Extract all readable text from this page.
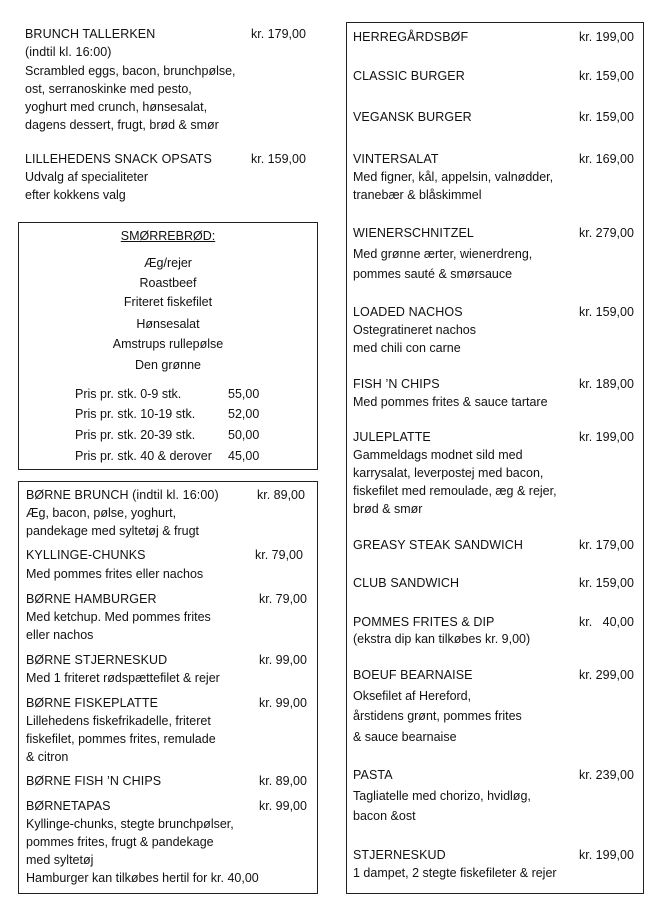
BRUNCH TALLERKEN	kr. 179,00
(indtil kl. 16:00)
Scrambled eggs, bacon, brunchpølse,
ost, serranoskinke med pesto,
yoghurt med crunch, hønsesalat,
dagens dessert, frugt, brød & smør
LILLEHEDENS SNACK OPSATS	kr. 159,00
Udvalg af specialiteter
efter kokkens valg
SMØRREBRØD:
Æg/rejer
Roastbeef
Friteret fiskefilet
Hønsesalat
Amstrups rullepølse
Den grønne
Pris pr. stk. 0-9 stk.	55,00
Pris pr. stk. 10-19 stk.	52,00
Pris pr. stk. 20-39 stk.	50,00
Pris pr. stk. 40 & derover 45,00
BØRNE BRUNCH (indtil kl. 16:00)	kr. 89,00
Æg, bacon, pølse, yoghurt,
pandekage med syltetøj & frugt
KYLLINGE-CHUNKS	kr. 79,00
Med pommes frites eller nachos
BØRNE HAMBURGER	kr. 79,00
Med ketchup. Med pommes frites
eller nachos
BØRNE STJERNESKUD	kr. 99,00
Med 1 friteret rødspættefilet & rejer
BØRNE FISKEPLATTE	kr. 99,00
Lillehedens fiskefrikadelle, friteret
fiskefilet, pommes frites, remulade
& citron
BØRNE FISH ’N CHIPS	kr. 89,00
BØRNETAPAS	kr. 99,00
Kyllinge-chunks, stegte brunchpølser,
pommes frites, frugt & pandekage
med syltetøj
Hamburger kan tilkøbes hertil for kr. 40,00
HERREGÅRDSBØF	kr. 199,00
CLASSIC BURGER	kr. 159,00
VEGANSK BURGER	kr. 159,00
VINTERSALAT	kr. 169,00
Med figner, kål, appelsin, valnødder,
tranebær & blåskimmel
WIENERSCHNITZEL	kr. 279,00
Med grønne ærter, wienerdreng,
pommes sauté & smørsauce
LOADED NACHOS	kr. 159,00
Ostegratineret nachos
med chili con carne
FISH ’N CHIPS	kr. 189,00
Med pommes frites & sauce tartare
JULEPLATTE	kr. 199,00
Gammeldags modnet sild med
karrysalat, leverpostej med bacon,
fiskefilet med remoulade, æg & rejer,
brød & smør
GREASY STEAK SANDWICH	kr. 179,00
CLUB SANDWICH	kr. 159,00
POMMES FRITES & DIP	kr.   40,00
(ekstra dip kan tilkøbes kr. 9,00)
BOEUF BEARNAISE	kr. 299,00
Oksefilet af Hereford,
årstidens grønt, pommes frites
& sauce bearnaise
PASTA	kr. 239,00
Tagliatelle med chorizo, hvidløg,
bacon &ost
STJERNESKUD	kr. 199,00
1 dampet, 2 stegte fiskefileter & rejer
